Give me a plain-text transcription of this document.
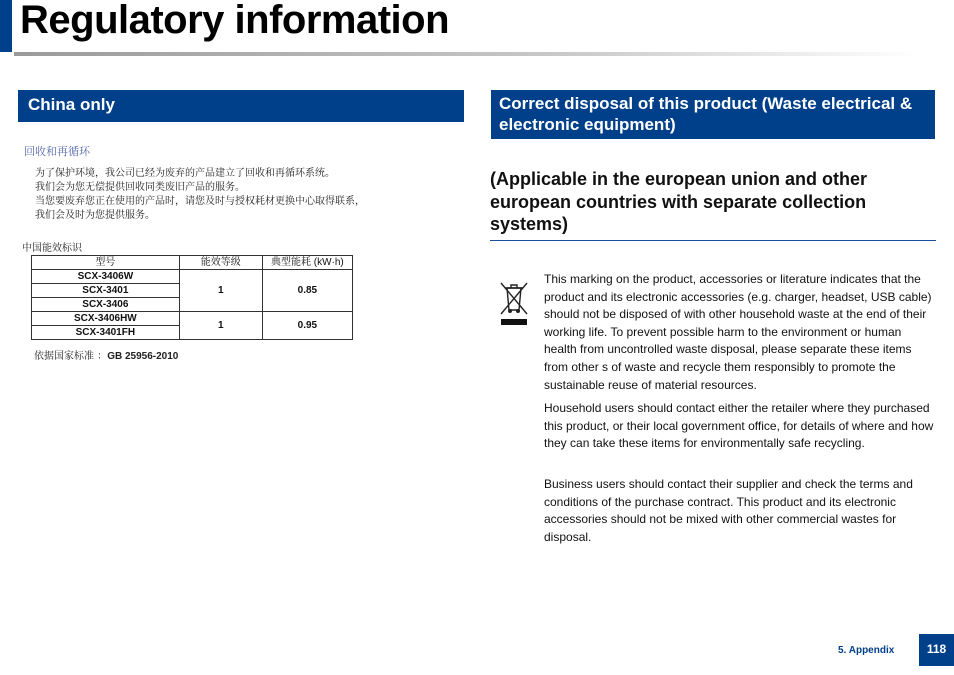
Regulatory information
China only
回收和再循环
为了保护环境，我公司已经为废弃的产品建立了回收和再循环系统。
我们会为您无偿提供回收同类废旧产品的服务。
当您要废弃您正在使用的产品时，请您及时与授权耗材更换中心取得联系，
我们会及时为您提供服务。
中国能效标识
型号	能效等级	典型能耗 (kW·h)
SCX-3406W	1	0.85
SCX-3401		
SCX-3406		
SCX-3406HW	1	0.95
SCX-3401FH		
依据国家标准 ：GB 25956-2010
Correct disposal of this product (Waste electrical & electronic equipment)
(Applicable in the european union and other european countries with separate collection systems)

This marking on the product, accessories or literature indicates that the product and its electronic accessories (e.g. charger, headset, USB cable) should not be disposed of with other household waste at the end of their working life. To prevent possible harm to the environment or human health from uncontrolled waste disposal, please separate these items from other s of waste and recycle them responsibly to promote the sustainable reuse of material resources.

Household users should contact either the retailer where they purchased this product, or their local government office, for details of where and how they can take these items for environmentally safe recycling.

Business users should contact their supplier and check the terms and conditions of the purchase contract. This product and its electronic accessories should not be mixed with other commercial wastes for disposal.

5. Appendix	118
